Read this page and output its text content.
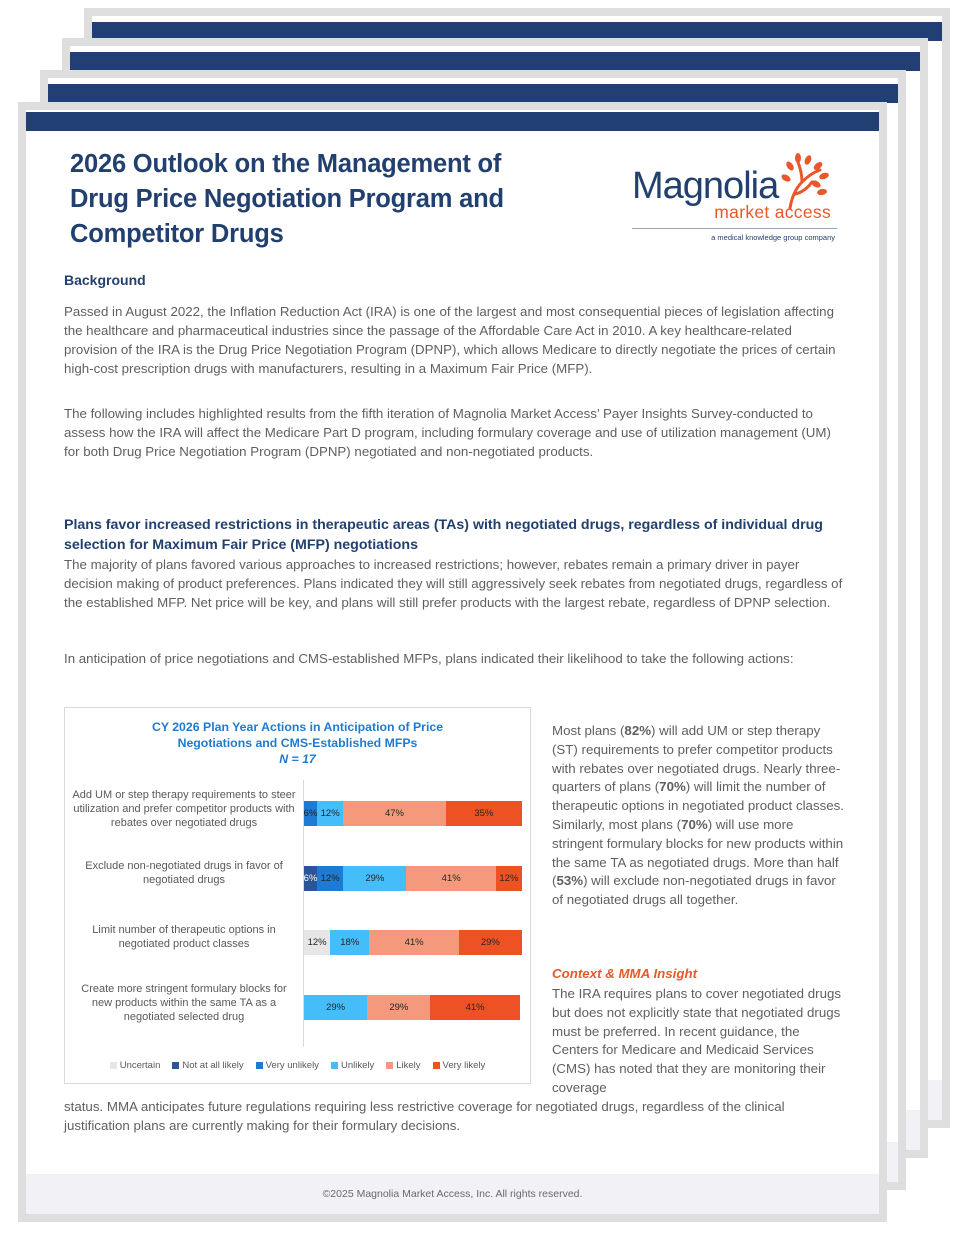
2026 Outlook on the Management of
Drug Price Negotiation Program and
Competitor Drugs
Magnolia
market access
a medical knowledge group company
Background

Passed in August 2022, the Inflation Reduction Act (IRA) is one of the largest and most consequential pieces of legislation affecting the healthcare and pharmaceutical industries since the passage of the Affordable Care Act in 2010. A key healthcare-related provision of the IRA is the Drug Price Negotiation Program (DPNP), which allows Medicare to directly negotiate the prices of certain high-cost prescription drugs with manufacturers, resulting in a Maximum Fair Price (MFP).

The following includes highlighted results from the fifth iteration of Magnolia Market Access’ Payer Insights Survey-conducted to assess how the IRA will affect the Medicare Part D program, including formulary coverage and use of utilization management (UM) for both Drug Price Negotiation Program (DPNP) negotiated and non-negotiated products.

Plans favor increased restrictions in therapeutic areas (TAs) with negotiated drugs, regardless of individual drug selection for Maximum Fair Price (MFP) negotiations

The majority of plans favored various approaches to increased restrictions; however, rebates remain a primary driver in payer decision making of product preferences. Plans indicated they will still aggressively seek rebates from negotiated drugs, regardless of the established MFP. Net price will be key, and plans will still prefer products with the largest rebate, regardless of DPNP selection.

In anticipation of price negotiations and CMS-established MFPs, plans indicated their likelihood to take the following actions:

CY 2026 Plan Year Actions in Anticipation of Price
Negotiations and CMS-Established MFPs
N = 17
Uncertain Not at all likely Very unlikely Unlikely Likely Very likely
Add UM or step therapy requirements to steer utilization and prefer competitor products with rebates over negotiated drugs
6% 12%	47%	35%
Exclude non-negotiated drugs in favor of negotiated drugs	6% 12%	29%	41%	12%
Limit number of therapeutic options in negotiated product classes	12% 18%	41%	29%
Create more stringent formulary blocks for new products within the same TA as a negotiated selected drug
29%	29%	41%

Most plans (82%) will add UM or step therapy (ST) requirements to prefer competitor products with rebates over negotiated drugs. Nearly three-quarters of plans (70%) will limit the number of therapeutic options in negotiated product classes. Similarly, most plans (70%) will use more stringent formulary blocks for new products within the same TA as negotiated drugs. More than half (53%) will exclude non-negotiated drugs in favor of negotiated drugs all together.

Context & MMA Insight

The IRA requires plans to cover negotiated drugs but does not explicitly state that negotiated drugs must be preferred. In recent guidance, the Centers for Medicare and Medicaid Services (CMS) has noted that they are monitoring their coverage

status. MMA anticipates future regulations requiring less restrictive coverage for negotiated drugs, regardless of the clinical justification plans are currently making for their formulary decisions.

©2025 Magnolia Market Access, Inc. All rights reserved.
